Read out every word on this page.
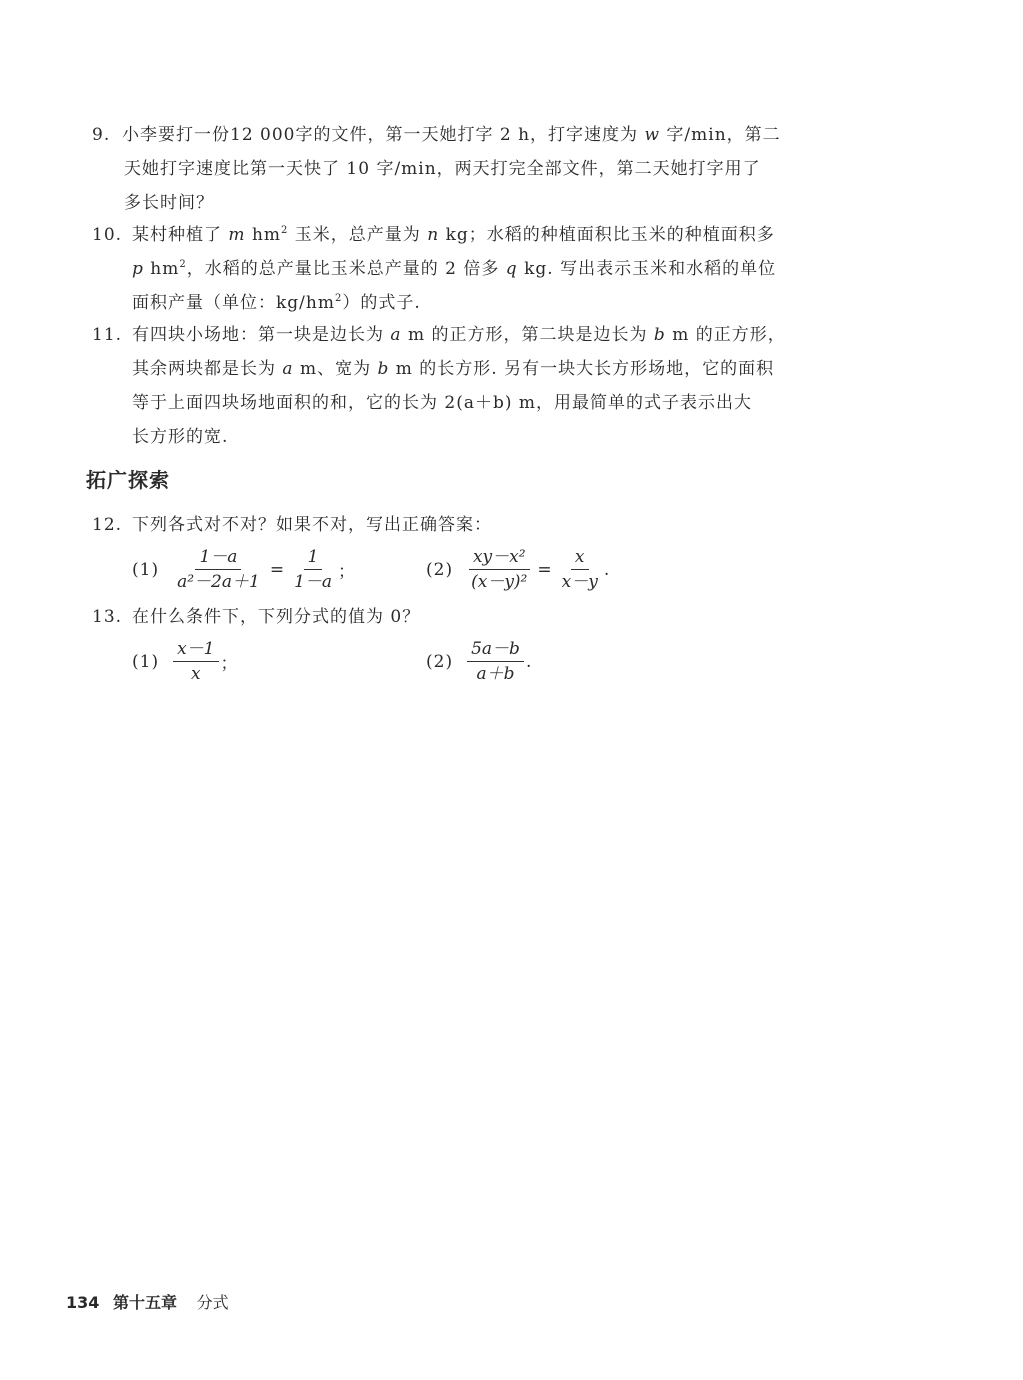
9. 小李要打一份12 000字的文件，第一天她打字 2 h，打字速度为 w 字/min，第二
天她打字速度比第一天快了 10 字/min，两天打完全部文件，第二天她打字用了
多长时间？
10. 某村种植了 m $hm^2$ 玉米，总产量为 n kg；水稻的种植面积比玉米的种植面积多
p $hm^2$，水稻的总产量比玉米总产量的 2 倍多 q kg. 写出表示玉米和水稻的单位
面积产量（单位：$kg/hm^2$）的式子.
11. 有四块小场地：第一块是边长为 a m 的正方形，第二块是边长为 b m 的正方形，
其余两块都是长为 a m、宽为 b m 的长方形. 另有一块大长方形场地，它的面积
等于上面四块场地面积的和，它的长为 2(a＋b) m，用最简单的式子表示出大
长方形的宽.
拓广探索
12. 下列各式对不对？如果不对，写出正确答案：
$(1) \frac{1-a}{\text{a²－2a＋1}} = \frac{1}{1-a}$ ；	$(2) \frac{\text{xy－x²}}{\text{(x－y)²}} = \frac{x}{x-y}$ .
13. 在什么条件下，下列分式的值为 0？
$(1) \frac{x-1}{x}$ ；	$(2) \frac{5a-b}{a+b}$ .
134 第十五章 分式
